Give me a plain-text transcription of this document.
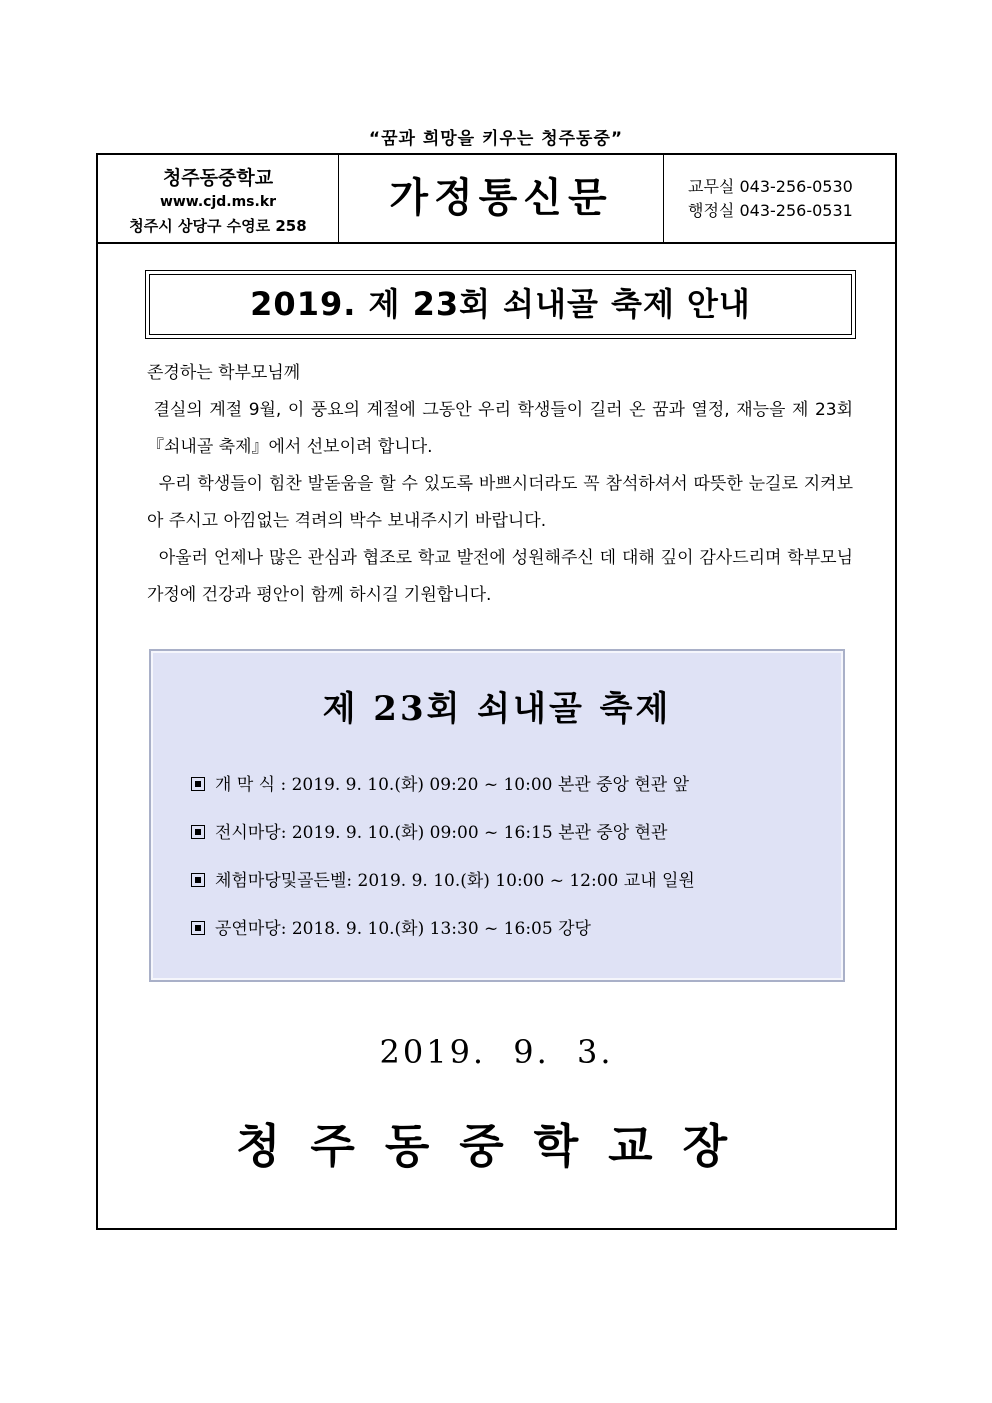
“꿈과 희망을 키우는 청주동중”
청주동중학교
www.cjd.ms.kr
청주시 상당구 수영로 258
가정통신문	교무실 043-256-0530
행정실 043-256-0531
2019. 제 23회 쇠내골 축제 안내

존경하는 학부모님께

결실의 계절 9월, 이 풍요의 계절에 그동안 우리 학생들이 길러 온 꿈과 열정, 재능을 제 23회 『쇠내골 축제』에서 선보이려 합니다.

우리 학생들이 힘찬 발돋움을 할 수 있도록 바쁘시더라도 꼭 참석하셔서 따뜻한 눈길로 지켜보아 주시고 아낌없는 격려의 박수 보내주시기 바랍니다.

아울러 언제나 많은 관심과 협조로 학교 발전에 성원해주신 데 대해 깊이 감사드리며 학부모님 가정에 건강과 평안이 함께 하시길 기원합니다.

제 23회 쇠내골 축제
개 막 식 : 2019. 9. 10.(화) 09:20 ~ 10:00 본관 중앙 현관 앞
전시마당: 2019. 9. 10.(화) 09:00 ~ 16:15 본관 중앙 현관
체험마당및골든벨: 2019. 9. 10.(화) 10:00 ~ 12:00 교내 일원
공연마당: 2018. 9. 10.(화) 13:30 ~ 16:05 강당
2019. 9. 3.
청주동중학교장
